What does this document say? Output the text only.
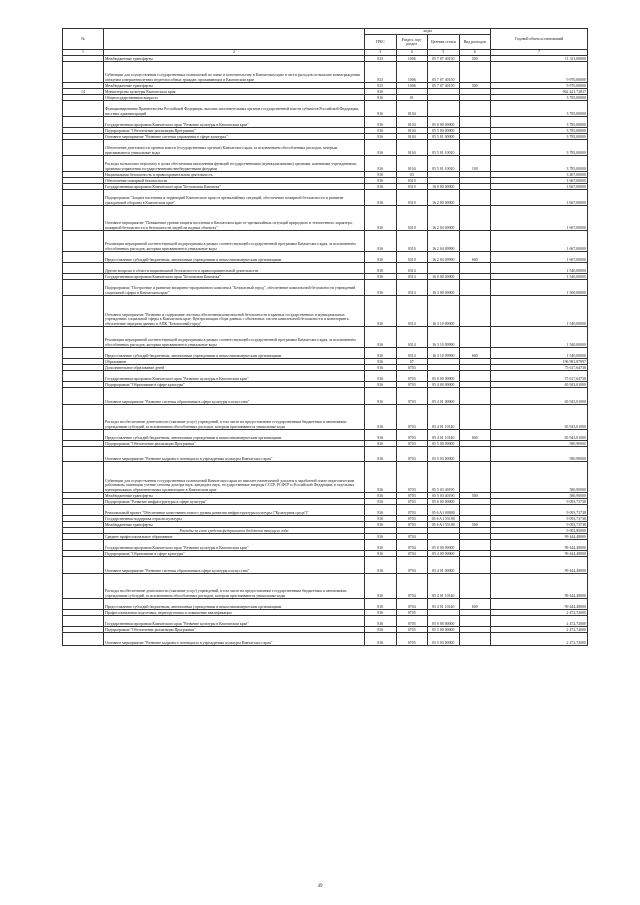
№		коды				Годовой объем ассигнований
		ГРБС	Раздел, под-раздел	Целевая статья	Вид расходов	
1	2	3	4	5	6	7
	Межбюджетные трансферты	815	1006	05 7 07 40150	500	11 311,00000
	Субвенции для осуществления государственных полномочий по опеке и попечительству в Камчатском крае в части расходов по выплате вознаграждения опекунам совершеннолетних недееспособных граждан, проживающих в Камчатском крае	815	1006	05 7 07 40150		9 970,00000
	Межбюджетные трансферты	815	1006	05 7 07 40150	500	9 970,00000
14	Министерство культуры Камчатского края	816				962 421,72817
	Общегосударственные вопросы	816	01			3 785,00000
	Функционирование Правительства Российской Федерации, высших исполнительных органов государственной власти субъектов Российской Федерации, местных администраций	816	0104			3 785,00000
	Государственная программа Камчатского края "Развитие культуры в Камчатском крае"	816	0104	05 0 00 00000		3 785,00000
	Подпрограмма "Обеспечение реализации Программы"	816	0104	05 5 00 00000		3 785,00000
	Основное мероприятие "Развитие системы управления в сфере культуры"	816	0104	05 5 01 00000		3 785,00000
	Обеспечение деятельности органов власти (государственных органов) Камчатского края, за исключением обособленных расходов, которым присваиваются уникальные коды	816	0104	05 5 01 10010		3 785,00000
	Расходы на выплаты персоналу в целях обеспечения выполнения функций государственными (муниципальными) органами, казенными учреждениями, органами управления государственными внебюджетными фондами	816	0104	05 5 01 10010	100	3 785,00000
	Национальная безопасность и правоохранительная деятельность	816	03			3 207,00000
	Обеспечение пожарной безопасности	816	0310			1 667,00000
	Государственная программа Камчатского края "Безопасная Камчатка"	816	0310	16 0 00 00000		1 667,00000
	Подпрограмма "Защита населения и территорий Камчатского края от чрезвычайных ситуаций, обеспечение пожарной безопасности и развитие гражданской обороны в Камчатском крае"	816	0310	16 2 00 00000		1 667,00000
	Основное мероприятие "Повышение уровня защиты населения в Камчатском крае от чрезвычайных ситуаций природного и техногенного характера, пожарной безопасности и безопасности людей на водных объектах"	816	0310	16 2 04 00000		1 667,00000
	Реализация мероприятий соответствующей подпрограммы в рамках соответствующей государственной программы Камчатского края, за исключением обособленных расходов, которым присваиваются уникальные коды	816	0310	16 2 04 09990		1 667,00000
	Предоставление субсидий бюджетным, автономным учреждениям и иным некоммерческим организациям	816	0310	16 2 04 09990	600	1 667,00000
	Другие вопросы в области национальной безопасности и правоохранительной деятельности	816	0314			1 540,00000
	Государственная программа Камчатского края "Безопасная Камчатка"	816	0314	16 0 00 00000		1 540,00000
	Подпрограмма "Построение и развитие аппаратно-программного комплекса "Безопасный город", обеспечение комплексной безопасности учреждений социальной сферы в Камчатском крае"	816	0314	16 3 00 00000		1 500,00000
	Основное мероприятие "Развитие и содержание системы обеспечения комплексной безопасности в краевых государственных и муниципальных учреждениях социальной сферы в Камчатском крае. Централизация сбора данных с объектовых систем комплексной безопасности и мониторинга, обеспечение передачи данных в АПК "Безопасный город"	816	0314	16 3 10 00000		1 540,00000
	Реализация мероприятий соответствующей подпрограммы в рамках соответствующей государственной программы Камчатского края, за исключением обособленных расходов, которым присваиваются уникальные коды	816	0314	16 3 10 09990		1 540,00000
	Предоставление субсидий бюджетным, автономным учреждениям и иным некоммерческим организациям	816	0314	16 3 10 09990	600	1 540,00000
	Образование	816	07			196 981,87997
	Дополнительное образование детей	816	0703			75 617,64738
	Государственная программа Камчатского края "Развитие культуры в Камчатском крае"	816	0703	05 0 00 00000		75 617,64738
	Подпрограмма "Образование в сфере культуры"	816	0703	05 4 00 00000		65 943,01000
	Основное мероприятие "Развитие системы образования в сфере культуры и искусства"	816	0703	05 4 01 00000		65 943,01000
	Расходы на обеспечение деятельности (оказание услуг) учреждений, в том числе на предоставление государственным бюджетным и автономным учреждениям субсидий, за исключением обособленных расходов, которым присваиваются уникальные коды	816	0703	05 4 01 10140		65 943,01000
	Предоставление субсидий бюджетным, автономным учреждениям и иным некоммерческим организациям	816	0703	05 4 01 10140	600	65 943,01000
	Подпрограмма "Обеспечение реализации Программы"	816	0703	05 5 00 00000		580,90000
	Основное мероприятие "Развитие кадрового потенциала в учреждениях культуры Камчатского края"	816	0703	05 5 03 00000		580,90000
	Субвенции для осуществления государственных полномочий Камчатского края по выплате ежемесячной доплаты к заработной плате педагогическим работникам, имеющим ученые степени доктора наук, кандидата наук, государственные награды СССР, РСФСР и Российской Федерации, в отдельных муниципальных образовательных организациях в Камчатском крае	816	0703	05 5 03 40190		580,90000
	Межбюджетные трансферты	816	0703	05 5 03 40190	500	580,90000
	Подпрограмма "Развитие инфраструктуры в сфере культуры"	816	0703	05 6 00 00000		9 093,73738
	Региональный проект "Обеспечение качественно нового уровня развития инфраструктуры культуры ("Культурная среда")"	816	0703	05 6 A1 00000		9 093,73738
	Государственная поддержка отрасли культуры	816	0703	05 6 A1 55190		9 093,73738
	Межбюджетные трансферты	816	0703	05 6 A1 55190	500	9 093,73738
	Расходы за счет средств федерального бюджета текущего года					9 002,80000
	Среднее профессиональное образование	816	0704			99 444,48000
	Государственная программа Камчатского края "Развитие культуры в Камчатском крае"	816	0704	05 0 00 00000		99 444,48000
	Подпрограмма "Образование в сфере культуры"	816	0704	05 4 00 00000		99 444,48000
	Основное мероприятие "Развитие системы образования в сфере культуры и искусства"	816	0704	05 4 01 00000		99 444,48000
	Расходы на обеспечение деятельности (оказание услуг) учреждений, в том числе на предоставление государственным бюджетным и автономным учреждениям субсидий, за исключением обособленных расходов, которым присваиваются уникальные коды	816	0704	05 4 01 10140		99 444,48000
	Предоставление субсидий бюджетным, автономным учреждениям и иным некоммерческим организациям	816	0704	05 4 01 10140	600	99 444,48000
	Профессиональная подготовка, переподготовка и повышение квалификации	816	0705			2 472,72000
	Государственная программа Камчатского края "Развитие культуры в Камчатском крае"	816	0705	05 0 00 00000		2 472,72000
	Подпрограмма "Обеспечение реализации Программы"	816	0705	05 5 00 00000		2 472,72000
	Основное мероприятие "Развитие кадрового потенциала в учреждениях культуры Камчатского края"	816	0705	05 5 03 00000		2 472,72000
49
